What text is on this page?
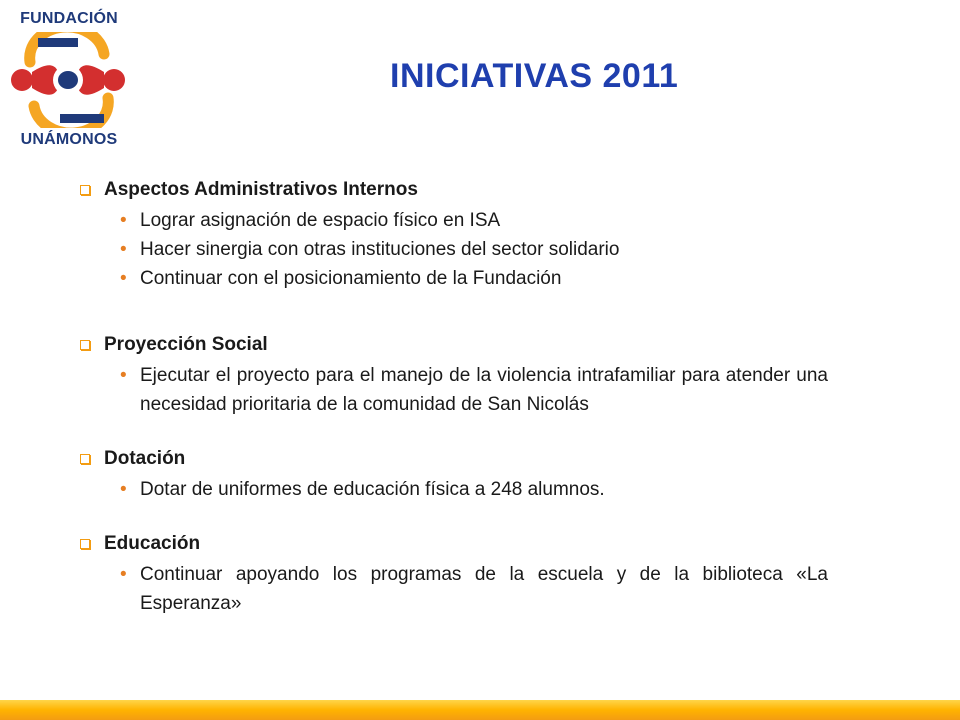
FUNDACIÓN
UNÁMONOS
INICIATIVAS 2011
Aspectos Administrativos Internos
• Lograr asignación de espacio físico en ISA
• Hacer sinergia con otras instituciones del sector solidario
• Continuar con el posicionamiento de la Fundación
Proyección Social
• Ejecutar el proyecto para el manejo de la violencia intrafamiliar para atender una necesidad prioritaria de la comunidad de San Nicolás
Dotación
• Dotar de uniformes de educación física a 248 alumnos.
Educación
• Continuar apoyando los programas de la escuela y de la biblioteca «La Esperanza»
